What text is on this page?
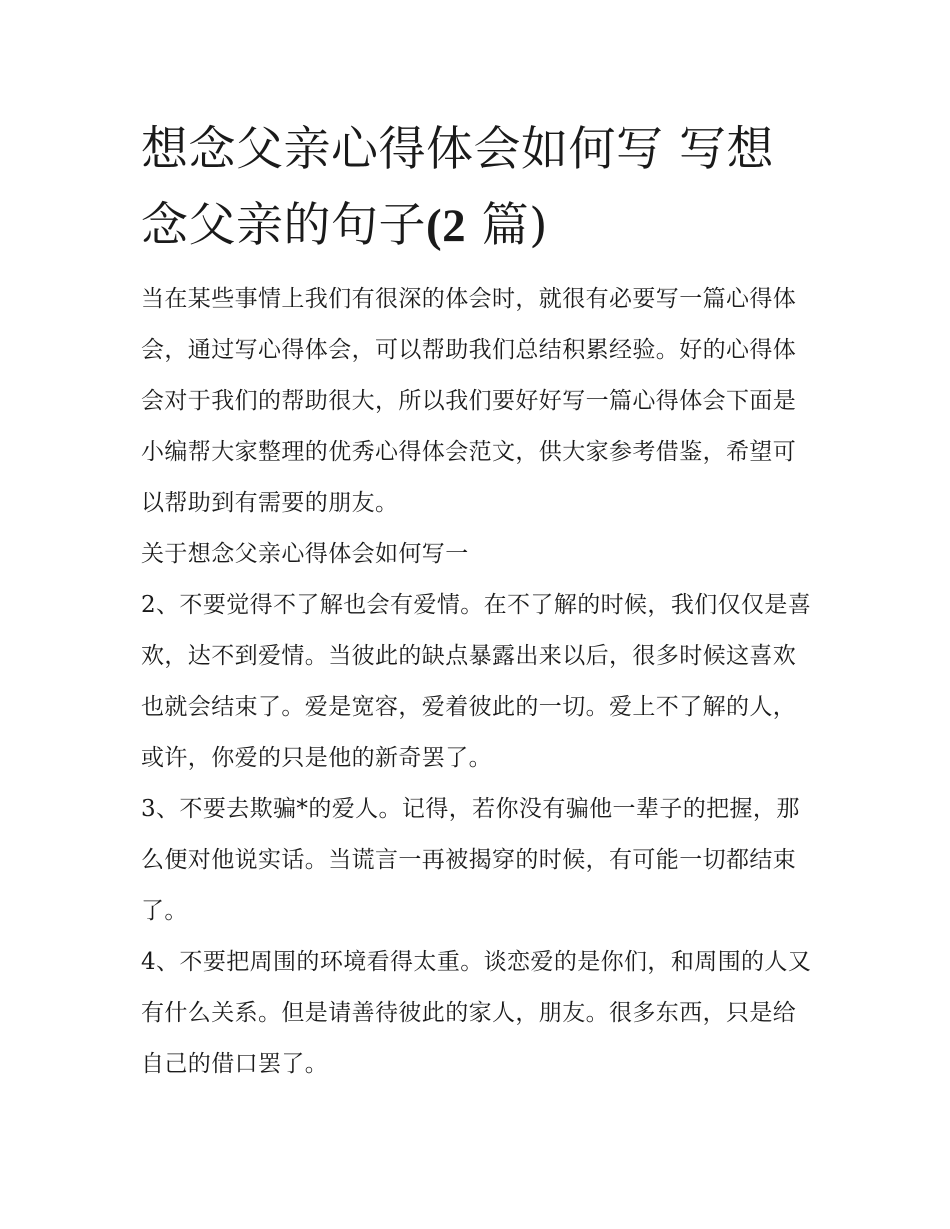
想念父亲心得体会如何写 写想念父亲的句子(2 篇)

当在某些事情上我们有很深的体会时，就很有必要写一篇心得体会，通过写心得体会，可以帮助我们总结积累经验。好的心得体会对于我们的帮助很大，所以我们要好好写一篇心得体会下面是小编帮大家整理的优秀心得体会范文，供大家参考借鉴，希望可以帮助到有需要的朋友。

关于想念父亲心得体会如何写一

2、不要觉得不了解也会有爱情。在不了解的时候，我们仅仅是喜欢，达不到爱情。当彼此的缺点暴露出来以后，很多时候这喜欢也就会结束了。爱是宽容，爱着彼此的一切。爱上不了解的人，或许，你爱的只是他的新奇罢了。

3、不要去欺骗*的爱人。记得，若你没有骗他一辈子的把握，那么便对他说实话。当谎言一再被揭穿的时候，有可能一切都结束了。

4、不要把周围的环境看得太重。谈恋爱的是你们，和周围的人又有什么关系。但是请善待彼此的家人，朋友。很多东西，只是给自己的借口罢了。
